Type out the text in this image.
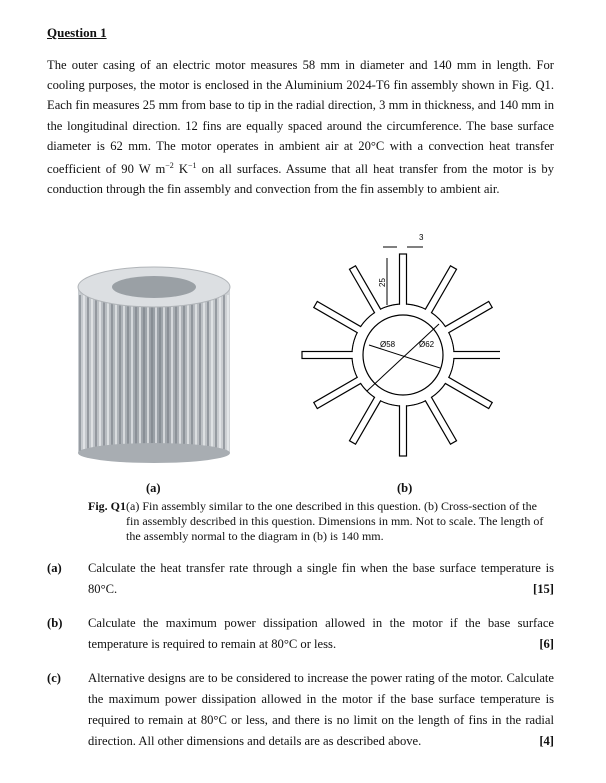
Question 1
The outer casing of an electric motor measures 58 mm in diameter and 140 mm in length. For cooling purposes, the motor is enclosed in the Aluminium 2024-T6 fin assembly shown in Fig. Q1. Each fin measures 25 mm from base to tip in the radial direction, 3 mm in thickness, and 140 mm in the longitudinal direction. 12 fins are equally spaced around the circumference. The base surface diameter is 62 mm. The motor operates in ambient air at 20°C with a convection heat transfer coefficient of 90 W $m^{-2}$ $K^{-1}$ on all surfaces. Assume that all heat transfer from the motor is by conduction through the fin assembly and convection from the fin assembly to ambient air.
3
25
Ø58	Ø62
(a)	(b)
Fig. Q1 (a) Fin assembly similar to the one described in this question. (b) Cross-section of the fin assembly described in this question. Dimensions in mm. Not to scale. The length of the assembly normal to the diagram in (b) is 140 mm.
(a) Calculate the heat transfer rate through a single fin when the base surface temperature is 80°C.	[15]
(b) Calculate the maximum power dissipation allowed in the motor if the base surface temperature is required to remain at 80°C or less.	[6]
(c) Alternative designs are to be considered to increase the power rating of the motor. Calculate the maximum power dissipation allowed in the motor if the base surface temperature is required to remain at 80°C or less, and there is no limit on the length of fins in the radial direction. All other dimensions and details are as described above.	[4]
